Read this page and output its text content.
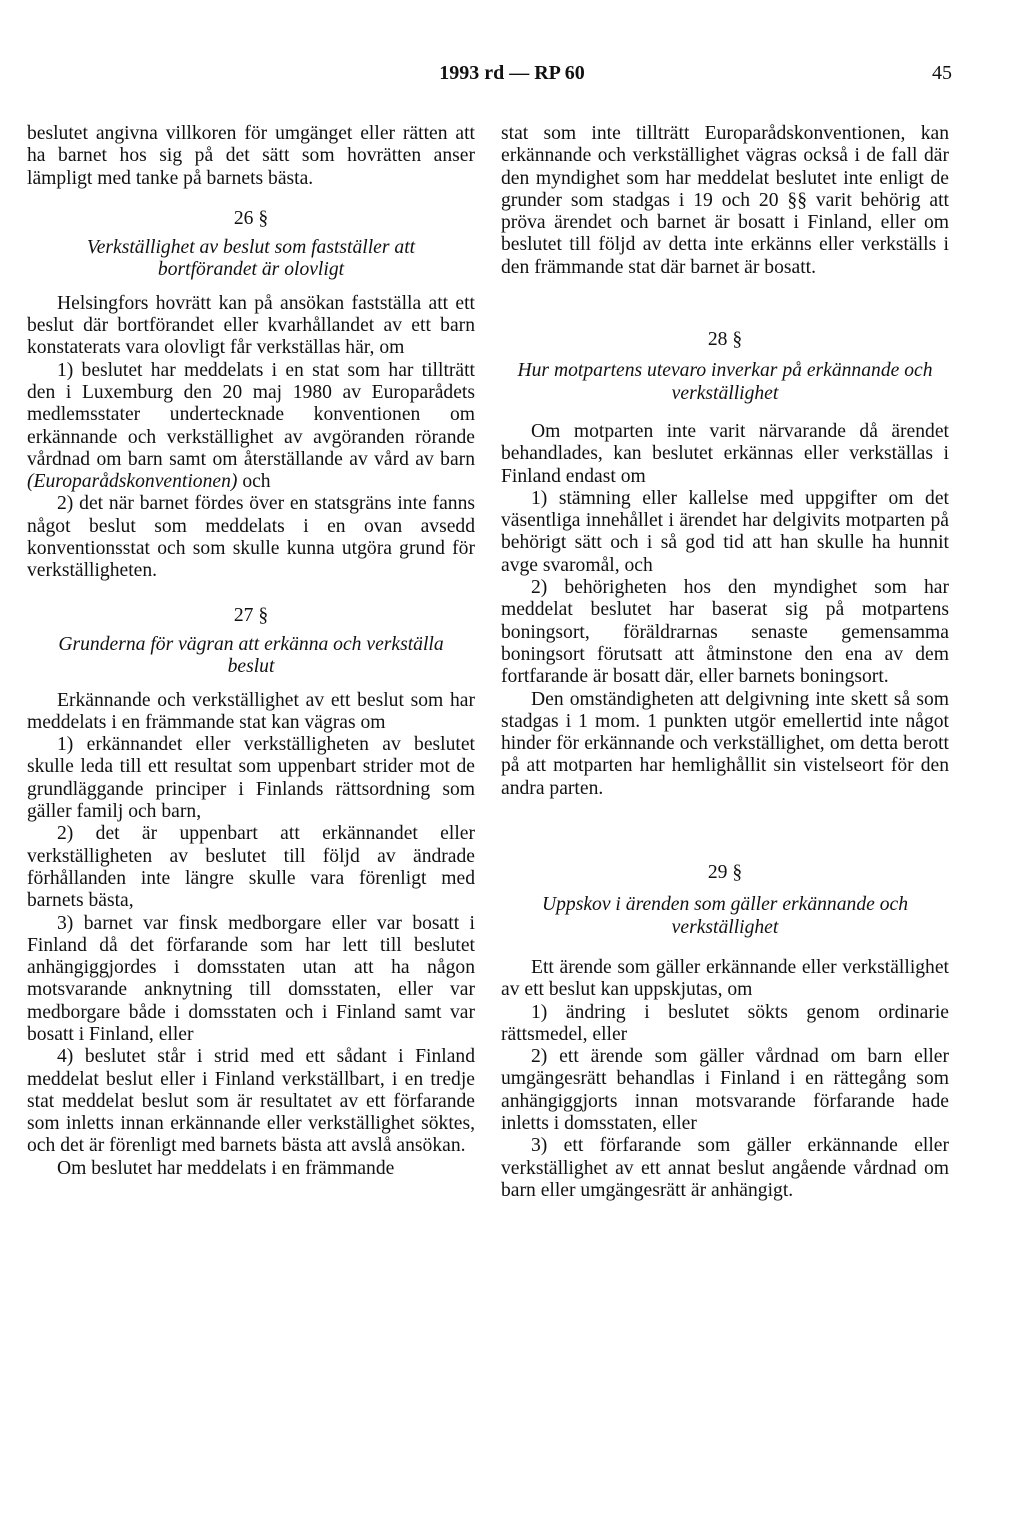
1993 rd — RP 60	45

beslutet angivna villkoren för umgänget eller rätten att ha barnet hos sig på det sätt som hovrätten anser lämpligt med tanke på barnets bästa.

26 §

Verkställighet av beslut som fastställer att bortförandet är olovligt

Helsingfors hovrätt kan på ansökan fastställa att ett beslut där bortförandet eller kvarhållandet av ett barn konstaterats vara olovligt får verkställas här, om

1) beslutet har meddelats i en stat som har tillträtt den i Luxemburg den 20 maj 1980 av Europarådets medlemsstater undertecknade konventionen om erkännande och verkställighet av avgöranden rörande vårdnad om barn samt om återställande av vård av barn (Europarådskonventionen) och

2) det när barnet fördes över en statsgräns inte fanns något beslut som meddelats i en ovan avsedd konventionsstat och som skulle kunna utgöra grund för verkställigheten.

27 §

Grunderna för vägran att erkänna och verkställa beslut

Erkännande och verkställighet av ett beslut som har meddelats i en främmande stat kan vägras om

1) erkännandet eller verkställigheten av beslutet skulle leda till ett resultat som uppenbart strider mot de grundläggande principer i Finlands rättsordning som gäller familj och barn,

2) det är uppenbart att erkännandet eller verkställigheten av beslutet till följd av ändrade förhållanden inte längre skulle vara förenligt med barnets bästa,

3) barnet var finsk medborgare eller var bosatt i Finland då det förfarande som har lett till beslutet anhängiggjordes i domsstaten utan att ha någon motsvarande anknytning till domsstaten, eller var medborgare både i domsstaten och i Finland samt var bosatt i Finland, eller

4) beslutet står i strid med ett sådant i Finland meddelat beslut eller i Finland verkställbart, i en tredje stat meddelat beslut som är resultatet av ett förfarande som inletts innan erkännande eller verkställighet söktes, och det är förenligt med barnets bästa att avslå ansökan.

Om beslutet har meddelats i en främmande

stat som inte tillträtt Europarådskonventionen, kan erkännande och verkställighet vägras också i de fall där den myndighet som har meddelat beslutet inte enligt de grunder som stadgas i 19 och 20 §§ varit behörig att pröva ärendet och barnet är bosatt i Finland, eller om beslutet till följd av detta inte erkänns eller verkställs i den främmande stat där barnet är bosatt.

28 §

Hur motpartens utevaro inverkar på erkännande och verkställighet

Om motparten inte varit närvarande då ärendet behandlades, kan beslutet erkännas eller verkställas i Finland endast om

1) stämning eller kallelse med uppgifter om det väsentliga innehållet i ärendet har delgivits motparten på behörigt sätt och i så god tid att han skulle ha hunnit avge svaromål, och

2) behörigheten hos den myndighet som har meddelat beslutet har baserat sig på motpartens boningsort, föräldrarnas senaste gemensamma boningsort förutsatt att åtminstone den ena av dem fortfarande är bosatt där, eller barnets boningsort.

Den omständigheten att delgivning inte skett så som stadgas i 1 mom. 1 punkten utgör emellertid inte något hinder för erkännande och verkställighet, om detta berott på att motparten har hemlighållit sin vistelseort för den andra parten.

29 §

Uppskov i ärenden som gäller erkännande och verkställighet

Ett ärende som gäller erkännande eller verkställighet av ett beslut kan uppskjutas, om

1) ändring i beslutet sökts genom ordinarie rättsmedel, eller

2) ett ärende som gäller vårdnad om barn eller umgängesrätt behandlas i Finland i en rättegång som anhängiggjorts innan motsvarande förfarande hade inletts i domsstaten, eller

3) ett förfarande som gäller erkännande eller verkställighet av ett annat beslut angående vårdnad om barn eller umgängesrätt är anhängigt.
